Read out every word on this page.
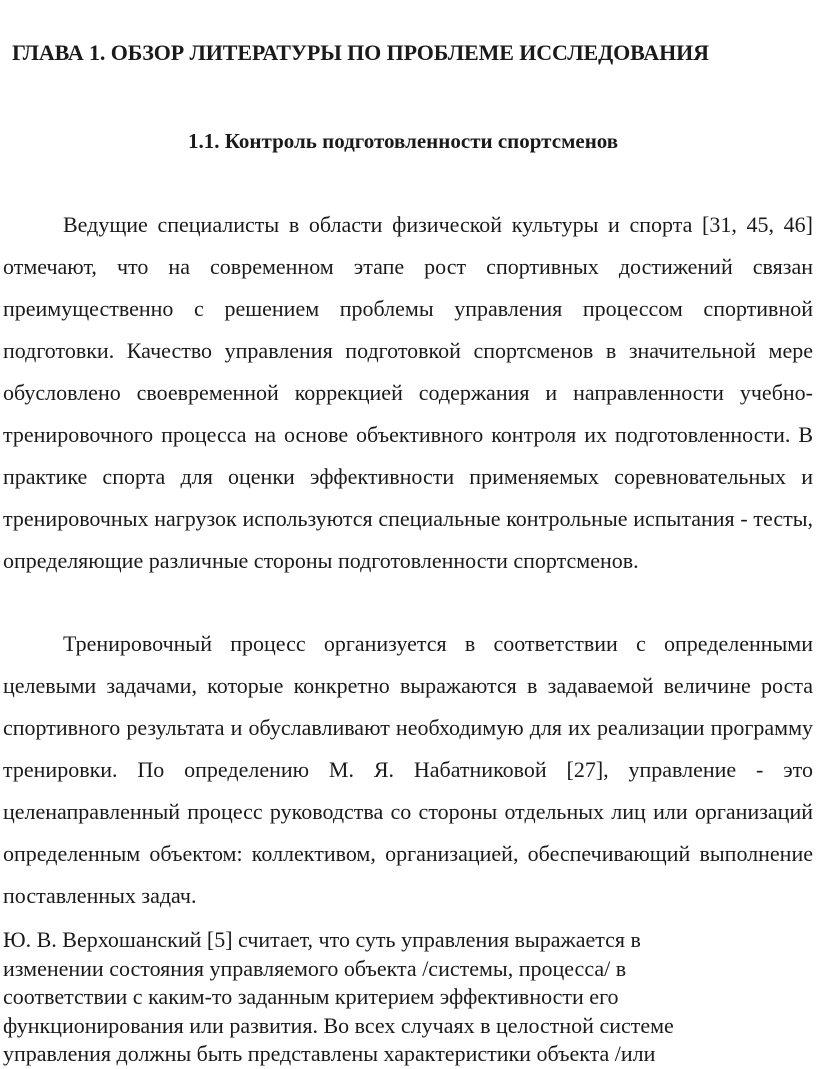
ГЛАВА 1. ОБЗОР ЛИТЕРАТУРЫ ПО ПРОБЛЕМЕ ИССЛЕДОВАНИЯ
1.1. Контроль подготовленности спортсменов

Ведущие специалисты в области физической культуры и спорта [31, 45, 46] отмечают, что на современном этапе рост спортивных достижений связан преимущественно с решением проблемы управления процессом спортивной подготовки. Качество управления подготовкой спортсменов в значительной мере обусловлено своевременной коррекцией содержания и направленности учебно-тренировочного процесса на основе объективного контроля их подготовленности. В практике спорта для оценки эффективности применяемых соревновательных и тренировочных нагрузок используются специальные контрольные испытания - тесты, определяющие различные стороны подготовленности спортсменов.

Тренировочный процесс организуется в соответствии с определенными целевыми задачами, которые конкретно выражаются в задаваемой величине роста спортивного результата и обуславливают необходимую для их реализации программу тренировки. По определению М. Я. Набатниковой [27], управление - это целенаправленный процесс руководства со стороны отдельных лиц или организаций определенным объектом: коллективом, организацией, обеспечивающий выполнение поставленных задач.

Ю. В. Верхошанский [5] считает, что суть управления выражается в изменении состояния управляемого объекта /системы, процесса/ в соответствии с каким-то заданным критерием эффективности его функционирования или развития. Во всех случаях в целостной системе управления должны быть представлены характеристики объекта /или
